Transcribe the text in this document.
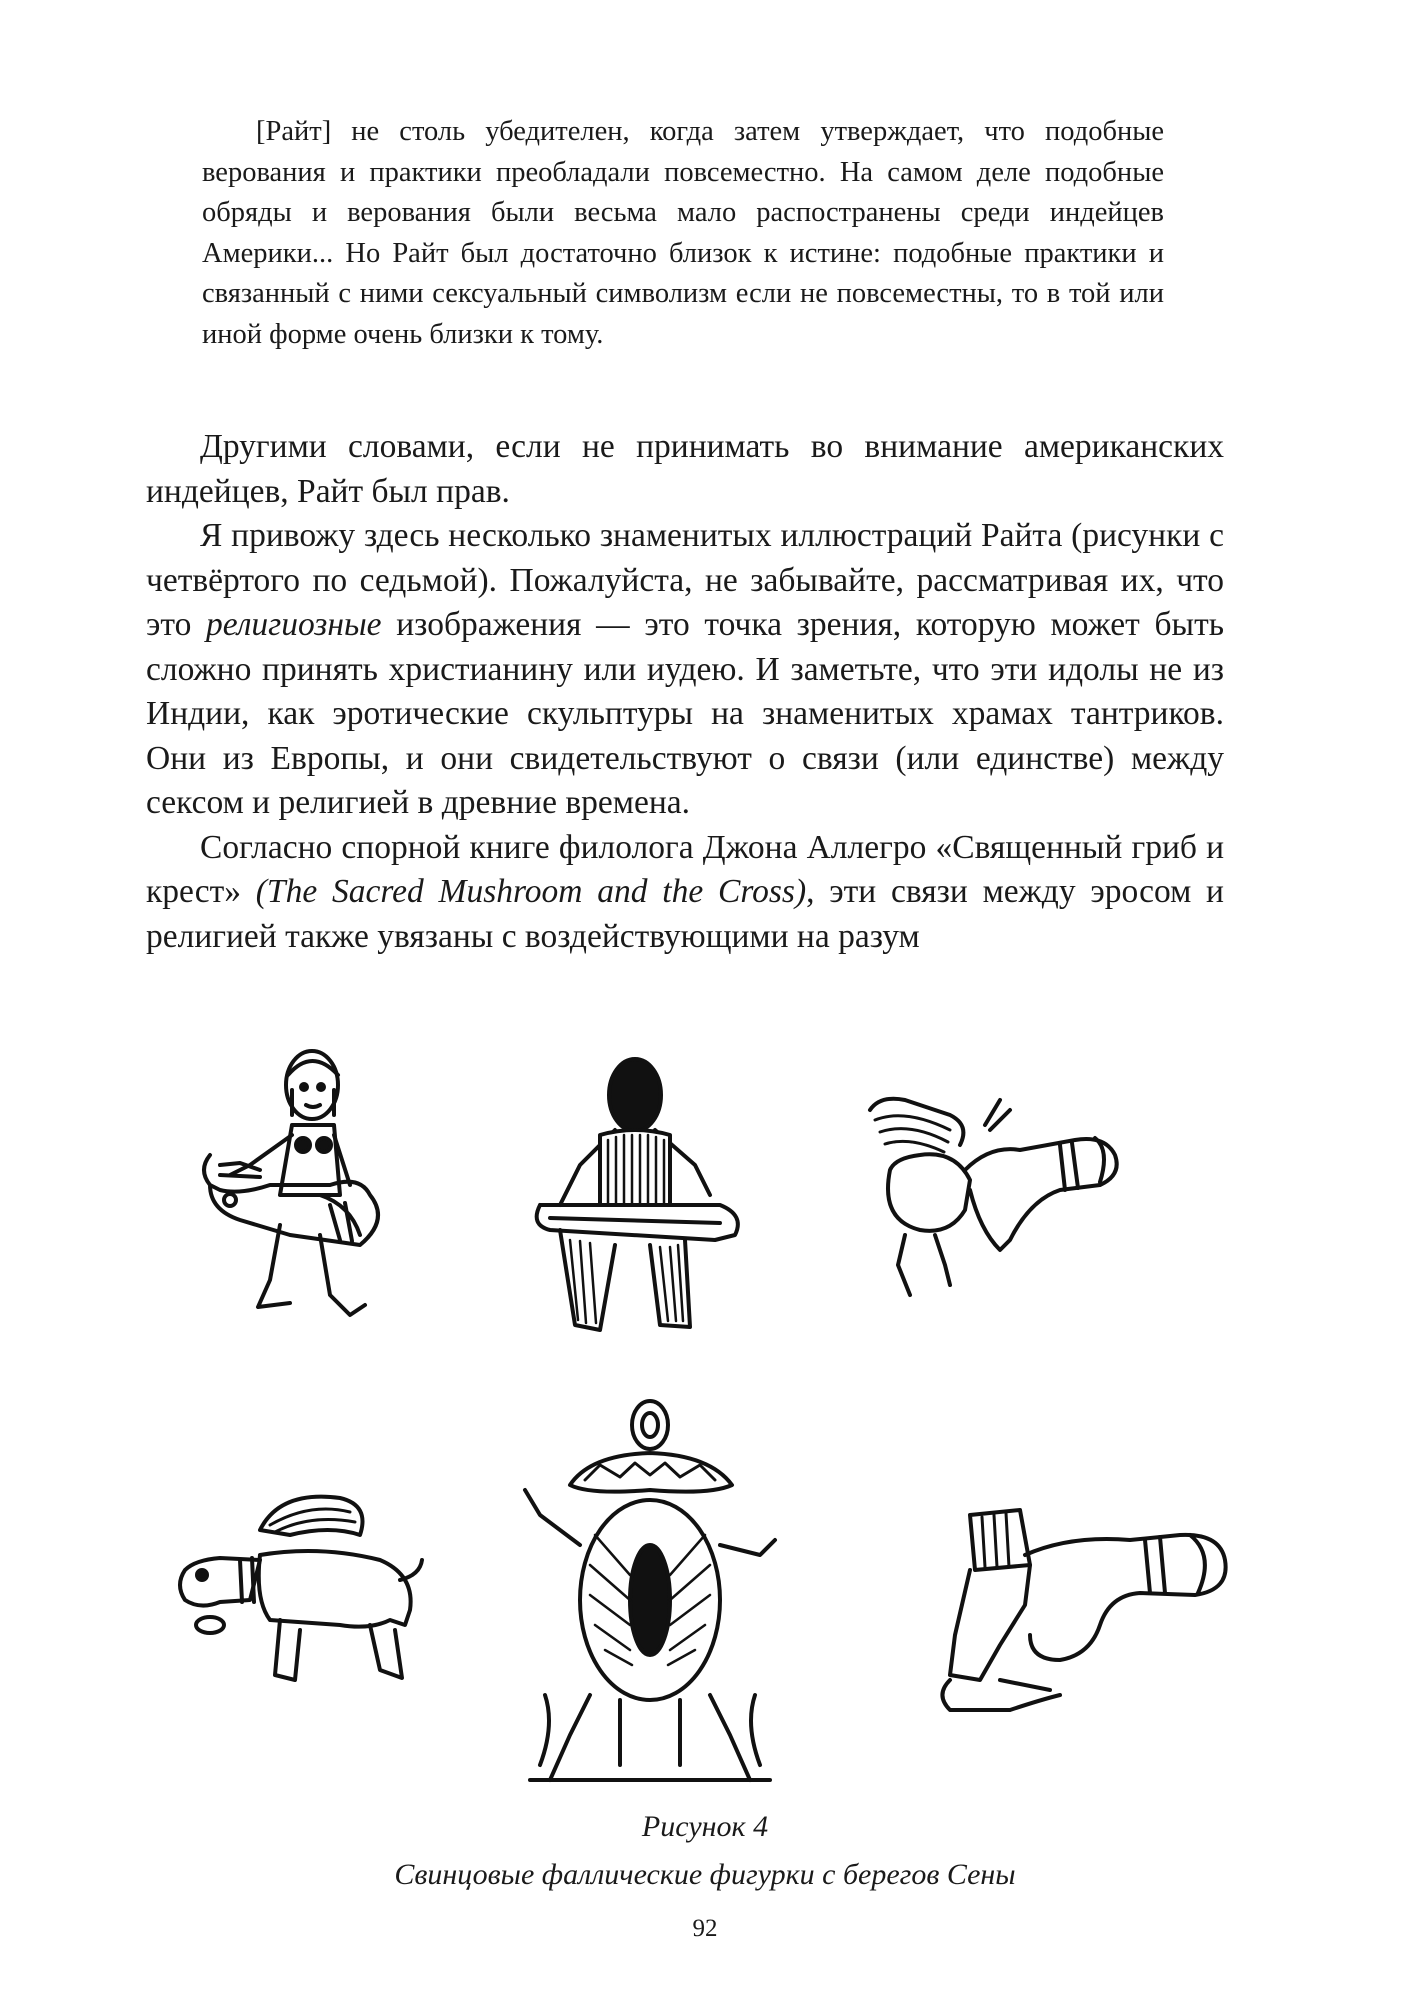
[Райт] не столь убедителен, когда затем утверждает, что подобные верования и практики преобладали повсеместно. На самом деле подобные обряды и верования были весьма мало распостранены среди индейцев Америки... Но Райт был достаточно близок к истине: подобные практики и связанный с ними сексуальный символизм если не повсеместны, то в той или иной форме очень близки к тому.

Другими словами, если не принимать во внимание американских индейцев, Райт был прав.

Я привожу здесь несколько знаменитых иллюстраций Райта (рисунки с четвёртого по седьмой). Пожалуйста, не забывайте, рассматривая их, что это религиозные изображения — это точка зрения, которую может быть сложно принять христианину или иудею. И заметьте, что эти идолы не из Индии, как эротические скульптуры на знаменитых храмах тантриков. Они из Европы, и они свидетельствуют о связи (или единстве) между сексом и религией в древние времена.

Согласно спорной книге филолога Джона Аллегро «Священный гриб и крест» (The Sacred Mushroom and the Cross), эти связи между эросом и религией также увязаны с воздействующими на разум

Рисунок 4
Свинцовые фаллические фигурки с берегов Сены
92
